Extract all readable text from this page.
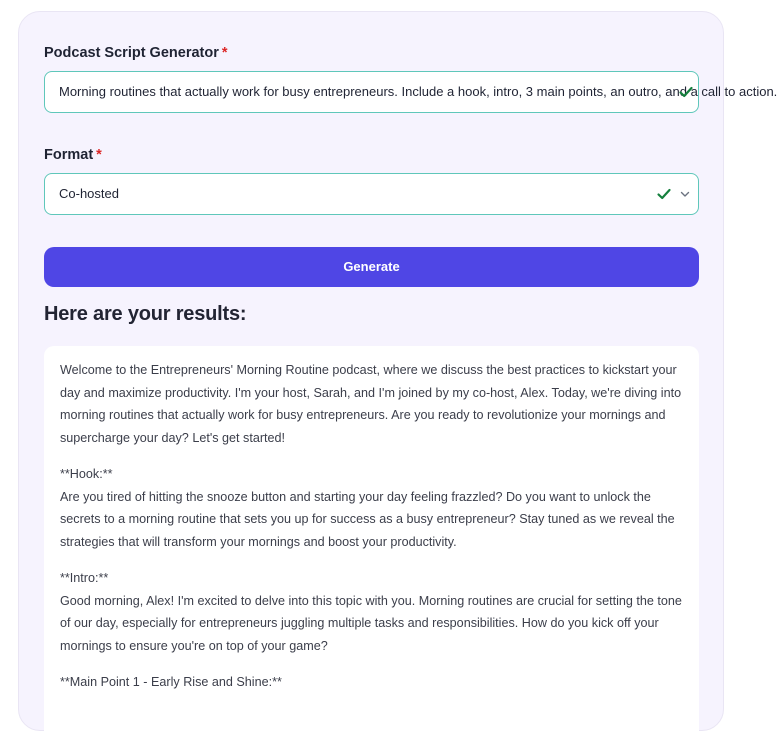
Podcast Script Generator *
Morning routines that actually work for busy entrepreneurs. Include a hook, intro, 3 main points, an outro, and a call to action.
Format *
Co-hosted
Generate
Here are your results:

Welcome to the Entrepreneurs' Morning Routine podcast, where we discuss the best practices to kickstart your day and maximize productivity. I'm your host, Sarah, and I'm joined by my co-host, Alex. Today, we're diving into morning routines that actually work for busy entrepreneurs. Are you ready to revolutionize your mornings and supercharge your day? Let's get started!

**Hook:**
Are you tired of hitting the snooze button and starting your day feeling frazzled? Do you want to unlock the secrets to a morning routine that sets you up for success as a busy entrepreneur? Stay tuned as we reveal the strategies that will transform your mornings and boost your productivity.

**Intro:**
Good morning, Alex! I'm excited to delve into this topic with you. Morning routines are crucial for setting the tone of our day, especially for entrepreneurs juggling multiple tasks and responsibilities. How do you kick off your mornings to ensure you're on top of your game?

**Main Point 1 - Early Rise and Shine:**
